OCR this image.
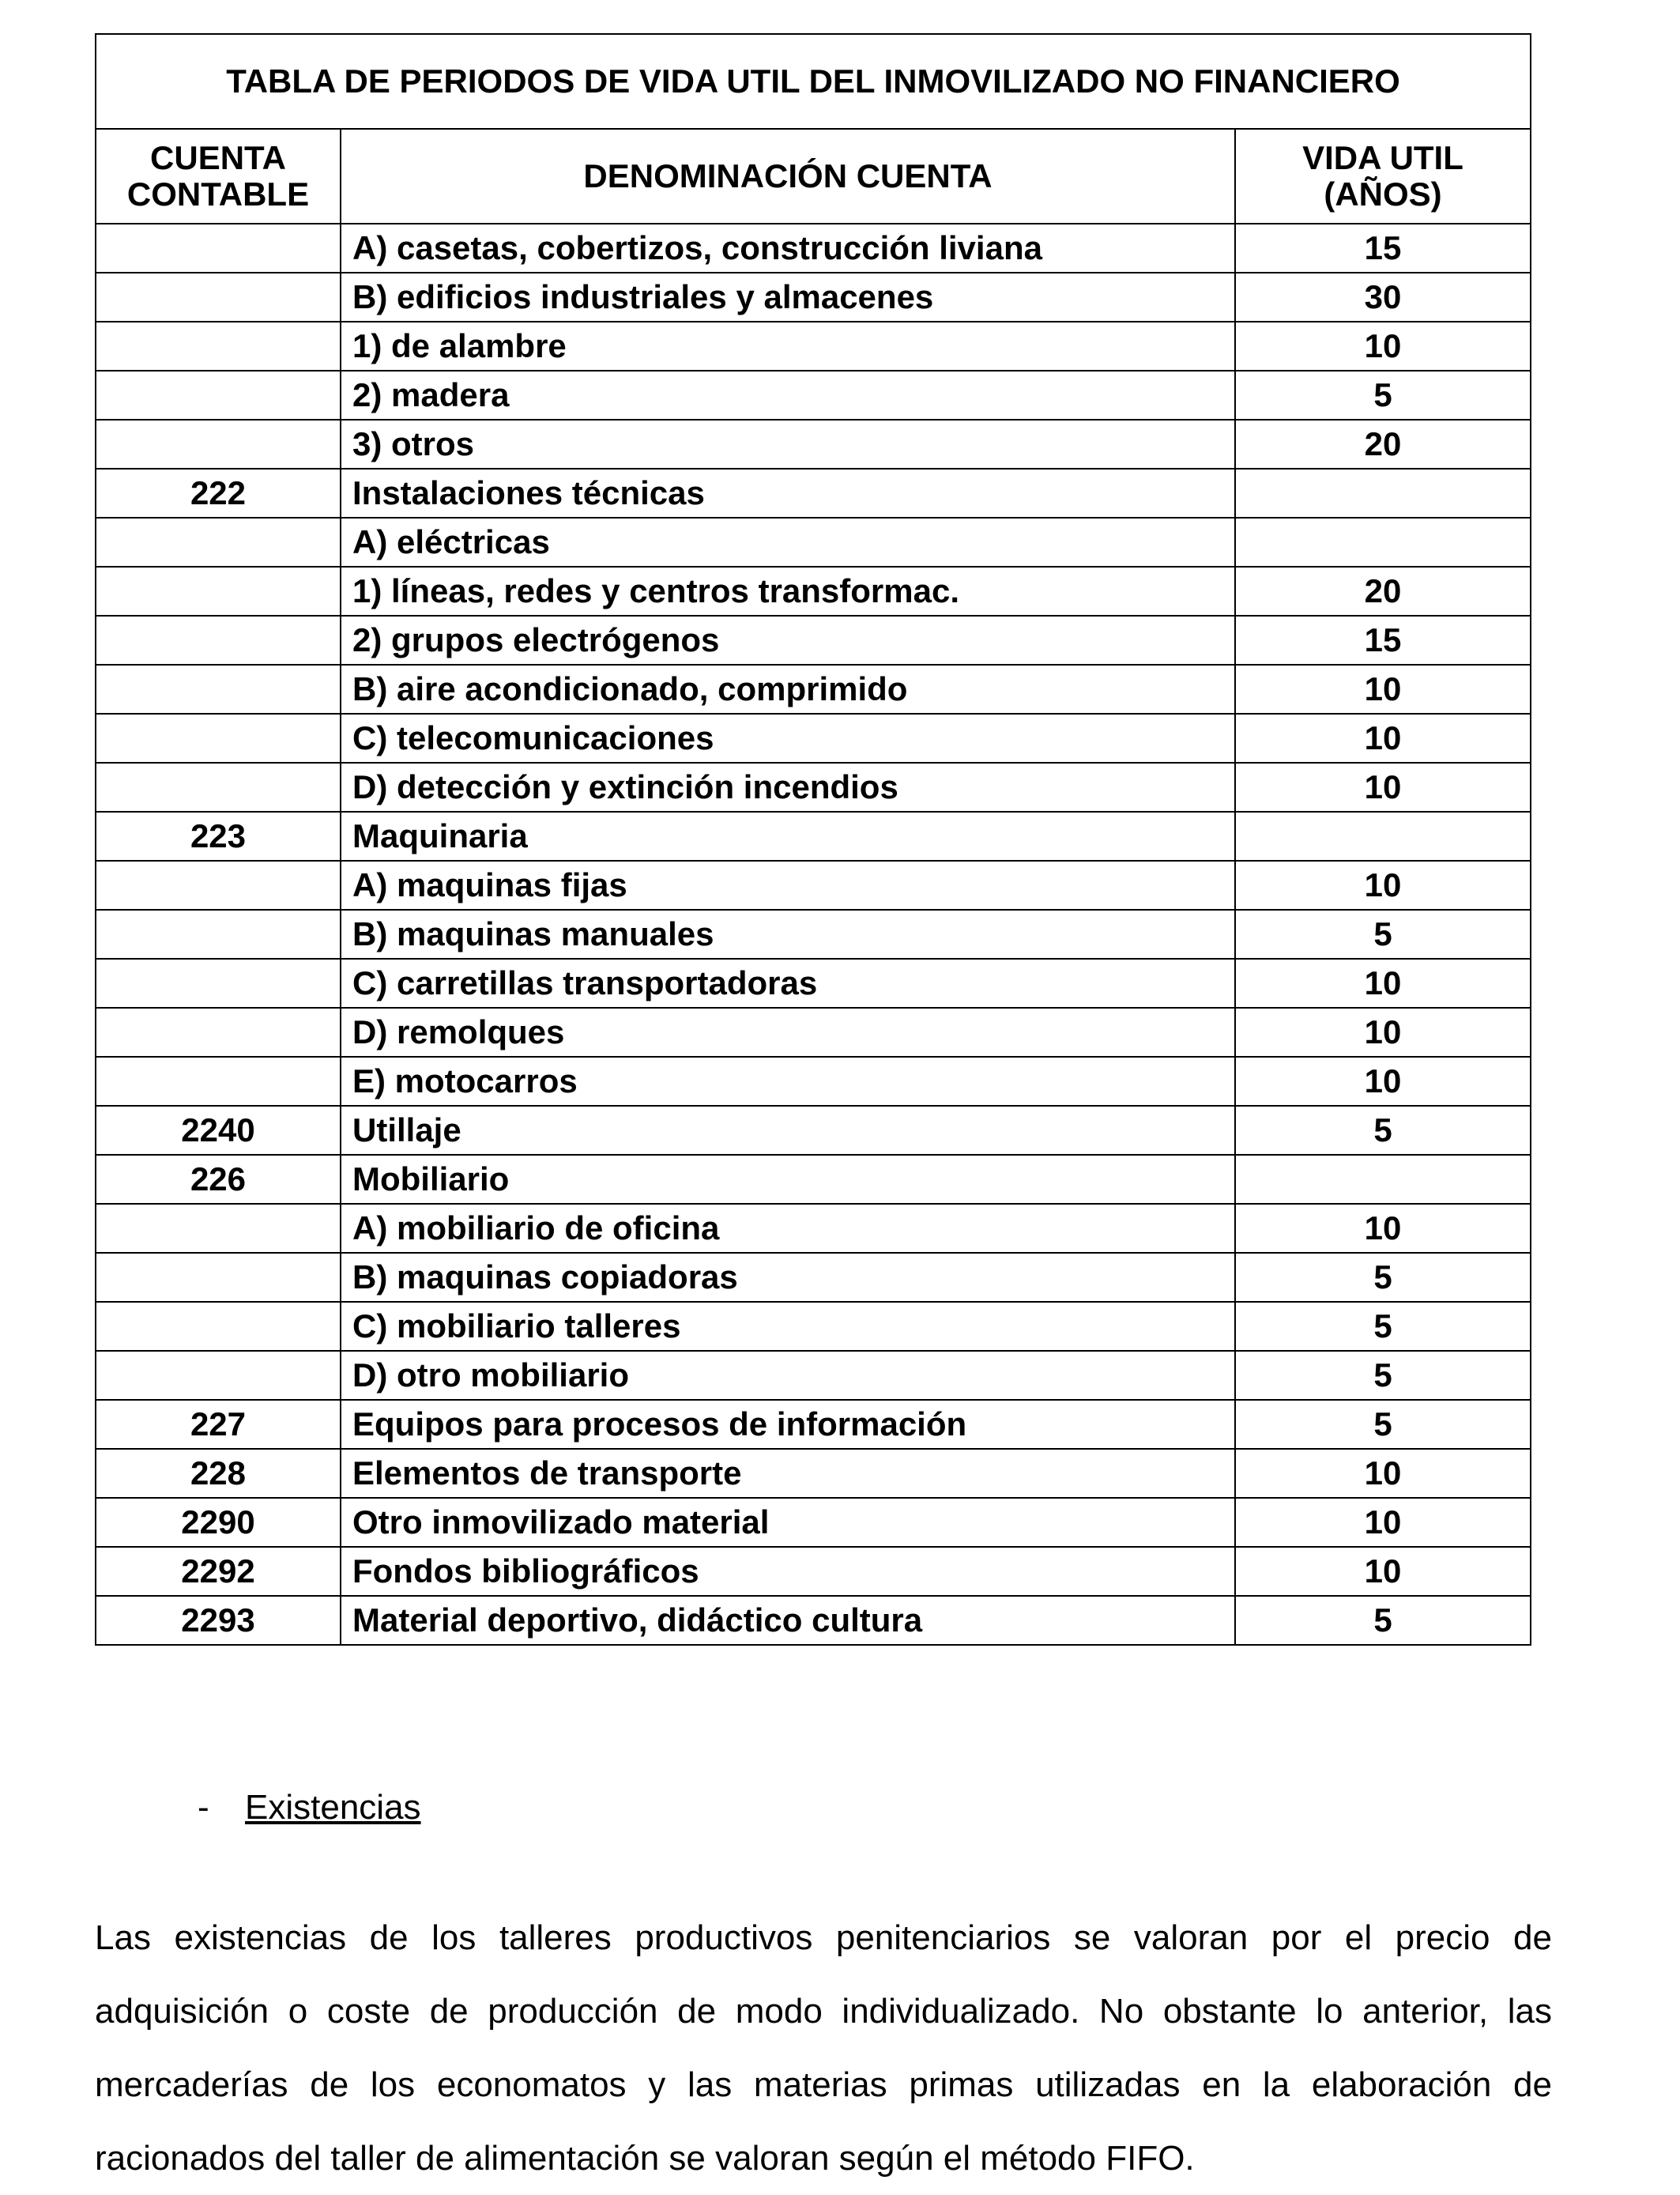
TABLA DE PERIODOS DE VIDA UTIL DEL INMOVILIZADO NO FINANCIERO		
CUENTA CONTABLE	DENOMINACIÓN CUENTA	VIDA UTIL (AÑOS)
	A) casetas, cobertizos, construcción liviana	15
	B) edificios industriales y almacenes	30
	1) de alambre	10
	2) madera	5
	3) otros	20
222	Instalaciones técnicas	
	A) eléctricas	
	1) líneas, redes y centros transformac.	20
	2) grupos electrógenos	15
	B) aire acondicionado, comprimido	10
	C) telecomunicaciones	10
	D) detección y extinción incendios	10
223	Maquinaria	
	A) maquinas fijas	10
	B) maquinas manuales	5
	C) carretillas transportadoras	10
	D) remolques	10
	E) motocarros	10
2240	Utillaje	5
226	Mobiliario	
	A) mobiliario de oficina	10
	B) maquinas copiadoras	5
	C) mobiliario talleres	5
	D) otro mobiliario	5
227	Equipos para procesos de información	5
228	Elementos de transporte	10
2290	Otro inmovilizado material	10
2292	Fondos bibliográficos	10
2293	Material deportivo, didáctico cultura	5
- Existencias

Las existencias de los talleres productivos penitenciarios se valoran por el precio de adquisición o coste de producción de modo individualizado. No obstante lo anterior, las mercaderías de los economatos y las materias primas utilizadas en la elaboración de racionados del taller de alimentación se valoran según el método FIFO.
